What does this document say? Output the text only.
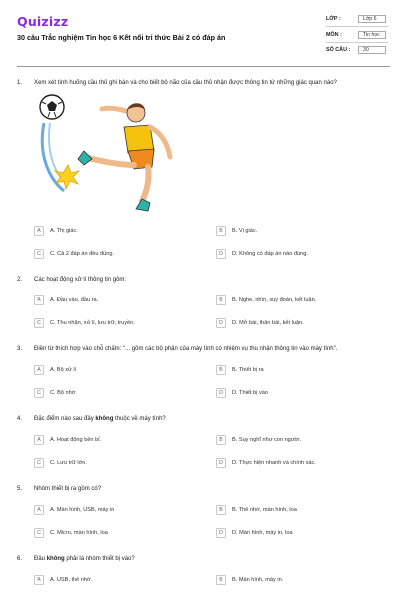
Quizizz
30 câu Trắc nghiệm Tin học 6 Kết nối tri thức Bài 2 có đáp án
LỚP :	Lớp 6
MÔN :	Tin học
SỐ CÂU :	30
1. Xem xét tình huống cầu thủ ghi bàn và cho biết bộ não của cầu thủ nhận được thông tin từ những giác quan nào?
A	A. Thị giác.	B	B. Vị giác.
C	C. Cả 2 đáp án đều đúng.	D	D. Không có đáp án nào đúng.
2. Các hoạt động xử lí thông tin gồm:
A	A. Đầu vào, đầu ra.	B	B. Nghe, nhìn, suy đoán, kết luận.
C	C. Thu nhận, xử lí, lưu trữ, truyền.	D	D. Mở bài, thân bài, kết luận.
3. Điền từ thích hợp vào chỗ chấm: "... gồm các bộ phận của máy tính có nhiệm vụ thu nhận thông tin vào máy tính".
A	A. Bộ xử lí	B	B. Thiết bị ra
C	C. Bộ nhớ	D	D. Thiết bị vào
4. Đặc điểm nào sau đây không thuộc về máy tính?
A	A. Hoạt động bền bỉ.	B	B. Suy nghĩ như con người.
C	C. Lưu trữ lớn.	D	D. Thực hiện nhanh và chính xác.
5. Nhóm thiết bị ra gồm có?
A	A. Màn hình, USB, máy in	B	B. Thẻ nhớ, màn hình, loa
C	C. Micro, màn hình, loa	D	D. Màn hình, máy in, loa
6. Đâu không phải là nhóm thiết bị vào?
A	A. USB, thẻ nhớ.	B	B. Màn hình, máy in.
